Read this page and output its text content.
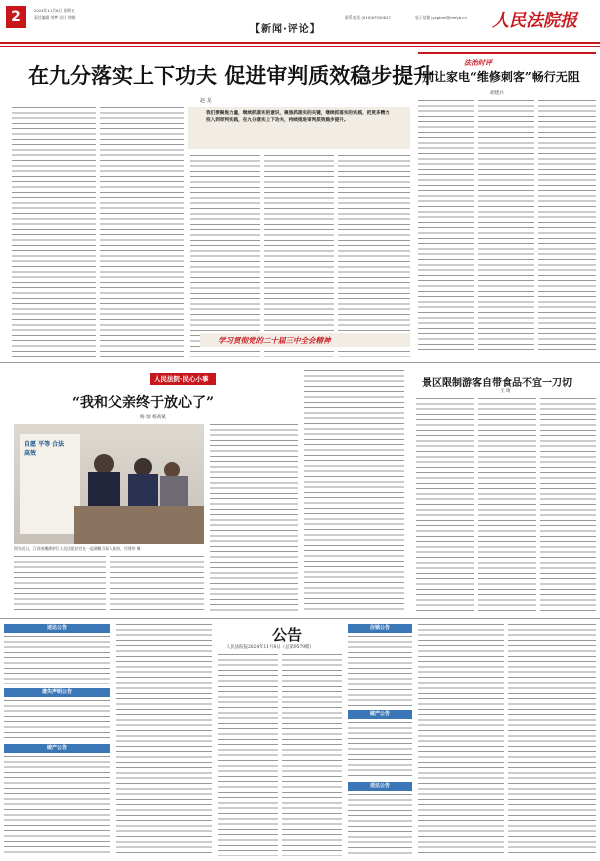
2	2024年11月8日 星期五
责任编辑 刘梦 设计 徐维	联系电话 (010)67550627	电子信箱 jyzghml@rmfyb.cn
【新闻·评论】	人民法院报
在九分落实上下功夫 促进审判质效稳步提升
赵 龙
我们要聚焦力量，继续抓落实的意识，聚焦抓落实的关键，继续抓落实的实践，把更多精力投入到审判实践，在九分落实上下功夫，持续推进审判质效稳步提升。
学习贯彻党的二十届三中全会精神
法治时评
别让家电“维修刺客”畅行无阻
胡建兵
人民法院·民心小事
“我和父亲终于放心了”
杨 灿 杨高斌
自愿 平等 合法 高效
图为近日，江西省鹰潭余江人民法院法官在一起调解当事人纠纷，付建华 摄
景区限制游客自带食品不宜一刀切
王 琦
送达公告
遗失声明公告
破产公告
公告
人民法院报2024年11月8日（总第9579期）
注销公告
破产公告
送达公告
